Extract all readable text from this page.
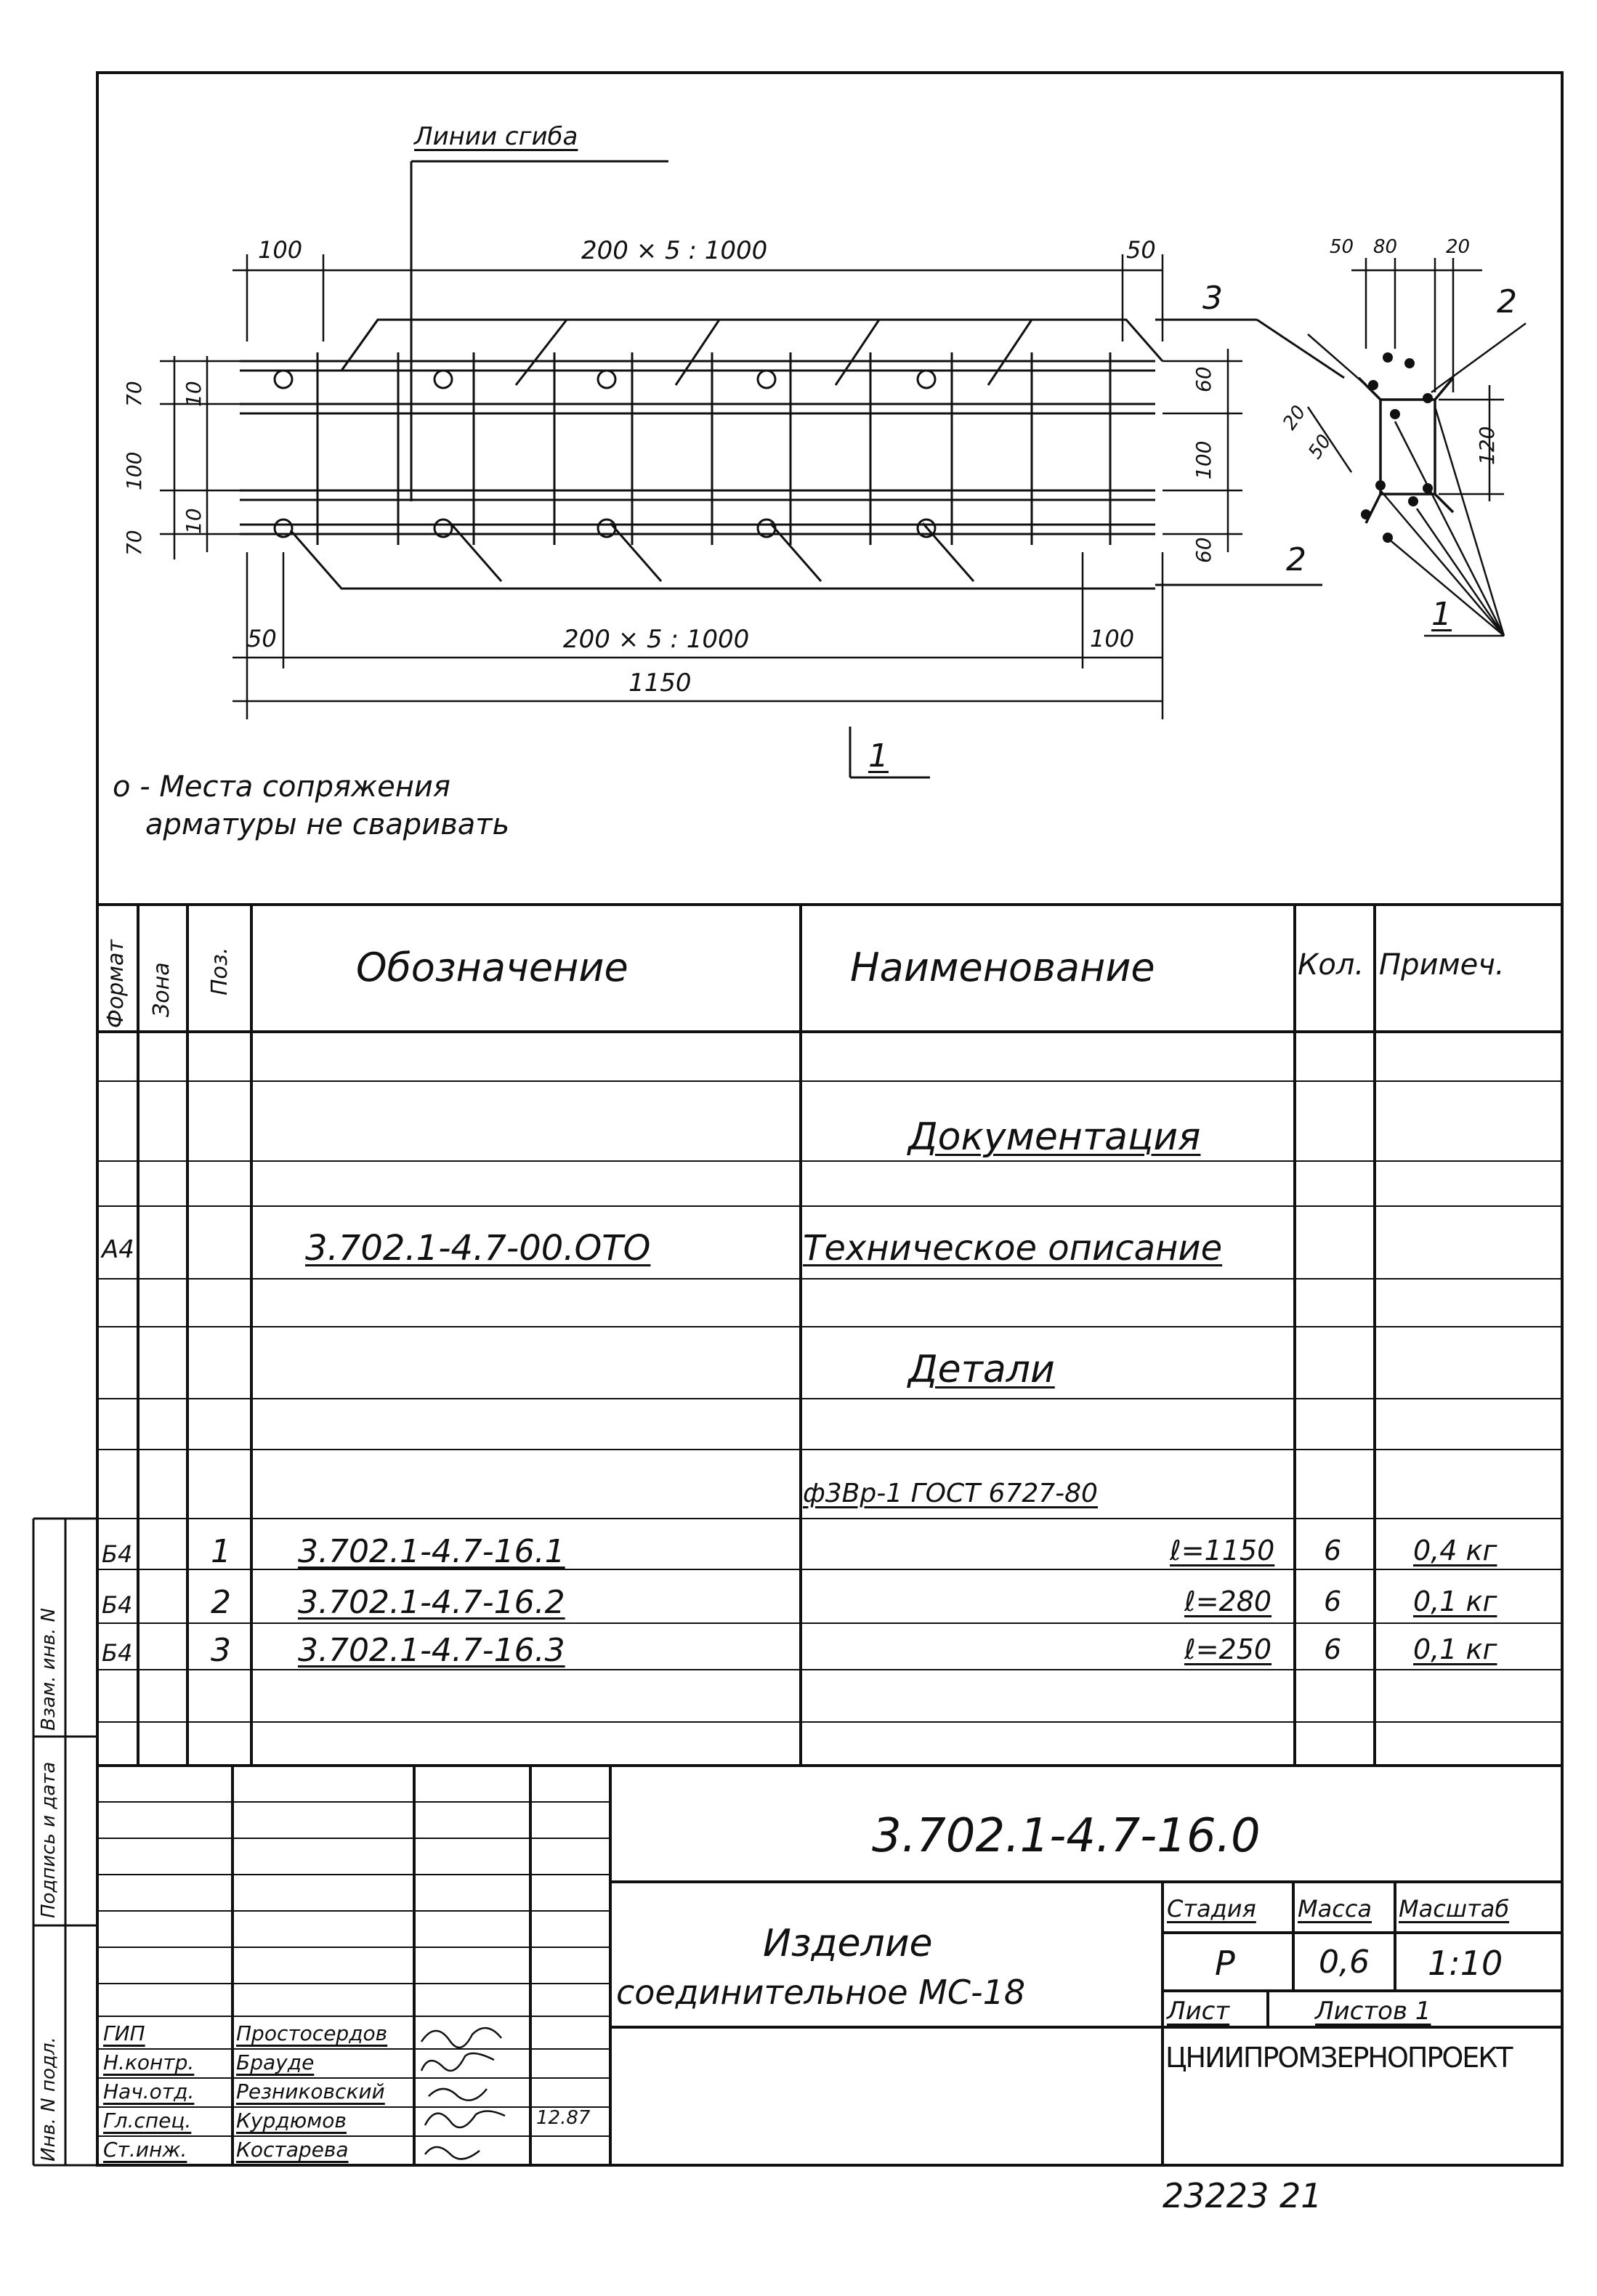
Линии сгиба
100	200 × 5 : 1000	50
50	200 × 5 : 1000	100
1150
70 10
100
70
10
60
100
60
3
2
1
50 80	20
20
50	120
2
1
о - Места сопряжения
арматуры не сваривать
Формат Зона Поз.	Обозначение	Наименование	Кол. Примеч.
Документация
А4	3.702.1-4.7-00.ОТО	Техническое описание
Детали
ф3Вр-1 ГОСТ 6727-80
Б4 1 3.702.1-4.7-16.1	ℓ=1150 6	0,4 кг
Б4 2 3.702.1-4.7-16.2	ℓ=280 6	0,1 кг
Б4 3 3.702.1-4.7-16.3	ℓ=250 6	0,1 кг
3.702.1-4.7-16.0
Изделие
соединительное МС-18
Стадия Масса Масштаб
Р	0,6 1:10
Лист	Листов 1
ЦНИИПРОМЗЕРНОПРОЕКТ
ГИП	Простосердов
Н.контр. Брауде
Нач.отд. Резниковский
Гл.спец. Курдюмов
Ст.инж. Костарева
12.87
Инв. N подл.
Подпись и дата
Взам. инв. N
23223 21
